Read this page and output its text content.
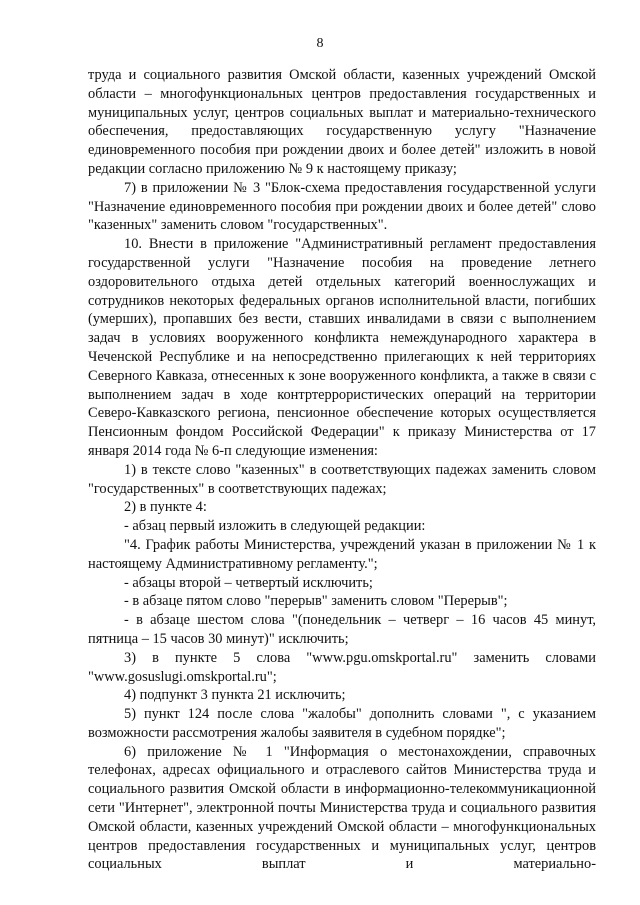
8

труда и социального развития Омской области, казенных учреждений Омской области – многофункциональных центров предоставления государственных и муниципальных услуг, центров социальных выплат и материально-технического обеспечения, предоставляющих государственную услугу "Назначение единовременного пособия при рождении двоих и более детей" изложить в новой редакции согласно приложению № 9 к настоящему приказу;

7) в приложении № 3 "Блок-схема предоставления государственной услуги "Назначение единовременного пособия при рождении двоих и более детей" слово "казенных" заменить словом "государственных".

10. Внести в приложение "Административный регламент предоставления государственной услуги "Назначение пособия на проведение летнего оздоровительного отдыха детей отдельных категорий военнослужащих и сотрудников некоторых федеральных органов исполнительной власти, погибших (умерших), пропавших без вести, ставших инвалидами в связи с выполнением задач в условиях вооруженного конфликта немеждународного характера в Чеченской Республике и на непосредственно прилегающих к ней территориях Северного Кавказа, отнесенных к зоне вооруженного конфликта, а также в связи с выполнением задач в ходе контртеррористических операций на территории Северо-Кавказского региона, пенсионное обеспечение которых осуществляется Пенсионным фондом Российской Федерации" к приказу Министерства от 17 января 2014 года № 6-п следующие изменения:

1) в тексте слово "казенных" в соответствующих падежах заменить словом "государственных" в соответствующих падежах;

2) в пункте 4:

- абзац первый изложить в следующей редакции:

"4. График работы Министерства, учреждений указан в приложении № 1 к настоящему Административному регламенту.";

- абзацы второй – четвертый исключить;

- в абзаце пятом слово "перерыв" заменить словом "Перерыв";

- в абзаце шестом слова "(понедельник – четверг – 16 часов 45 минут, пятница – 15 часов 30 минут)" исключить;

3) в пункте 5 слова "www.pgu.omskportal.ru" заменить словами "www.gosuslugi.omskportal.ru";

4) подпункт 3 пункта 21 исключить;

5) пункт 124 после слова "жалобы" дополнить словами ", с указанием возможности рассмотрения жалобы заявителя в судебном порядке";

6) приложение № 1 "Информация о местонахождении, справочных телефонах, адресах официального и отраслевого сайтов Министерства труда и социального развития Омской области в информационно-телекоммуникационной сети "Интернет", электронной почты Министерства труда и социального развития Омской области, казенных учреждений Омской области – многофункциональных центров предоставления государственных и муниципальных услуг, центров социальных выплат и материально-
